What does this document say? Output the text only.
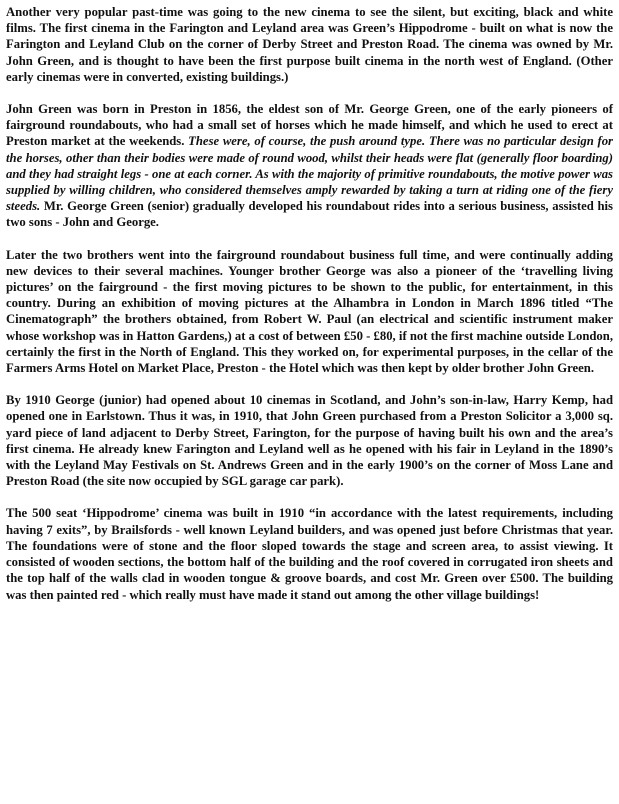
Another very popular past-time was going to the new cinema to see the silent, but exciting, black and white films. The first cinema in the Farington and Leyland area was Green’s Hippodrome - built on what is now the Farington and Leyland Club on the corner of Derby Street and Preston Road. The cinema was owned by Mr. John Green, and is thought to have been the first purpose built cinema in the north west of England. (Other early cinemas were in converted, existing buildings.)

John Green was born in Preston in 1856, the eldest son of Mr. George Green, one of the early pioneers of fairground roundabouts, who had a small set of horses which he made himself, and which he used to erect at Preston market at the weekends. These were, of course, the push around type. There was no particular design for the horses, other than their bodies were made of round wood, whilst their heads were flat (generally floor boarding) and they had straight legs - one at each corner. As with the majority of primitive roundabouts, the motive power was supplied by willing children, who considered themselves amply rewarded by taking a turn at riding one of the fiery steeds. Mr. George Green (senior) gradually developed his roundabout rides into a serious business, assisted his two sons - John and George.

Later the two brothers went into the fairground roundabout business full time, and were continually adding new devices to their several machines. Younger brother George was also a pioneer of the ‘travelling living pictures’ on the fairground - the first moving pictures to be shown to the public, for entertainment, in this country. During an exhibition of moving pictures at the Alhambra in London in March 1896 titled “The Cinematograph” the brothers obtained, from Robert W. Paul (an electrical and scientific instrument maker whose workshop was in Hatton Gardens,) at a cost of between £50 - £80, if not the first machine outside London, certainly the first in the North of England. This they worked on, for experimental purposes, in the cellar of the Farmers Arms Hotel on Market Place, Preston - the Hotel which was then kept by older brother John Green.

By 1910 George (junior) had opened about 10 cinemas in Scotland, and John’s son-in-law, Harry Kemp, had opened one in Earlstown. Thus it was, in 1910, that John Green purchased from a Preston Solicitor a 3,000 sq. yard piece of land adjacent to Derby Street, Farington, for the purpose of having built his own and the area’s first cinema. He already knew Farington and Leyland well as he opened with his fair in Leyland in the 1890’s with the Leyland May Festivals on St. Andrews Green and in the early 1900’s on the corner of Moss Lane and Preston Road (the site now occupied by SGL garage car park).

The 500 seat ‘Hippodrome’ cinema was built in 1910 “in accordance with the latest requirements, including having 7 exits”, by Brailsfords - well known Leyland builders, and was opened just before Christmas that year. The foundations were of stone and the floor sloped towards the stage and screen area, to assist viewing. It consisted of wooden sections, the bottom half of the building and the roof covered in corrugated iron sheets and the top half of the walls clad in wooden tongue & groove boards, and cost Mr. Green over £500. The building was then painted red - which really must have made it stand out among the other village buildings!
